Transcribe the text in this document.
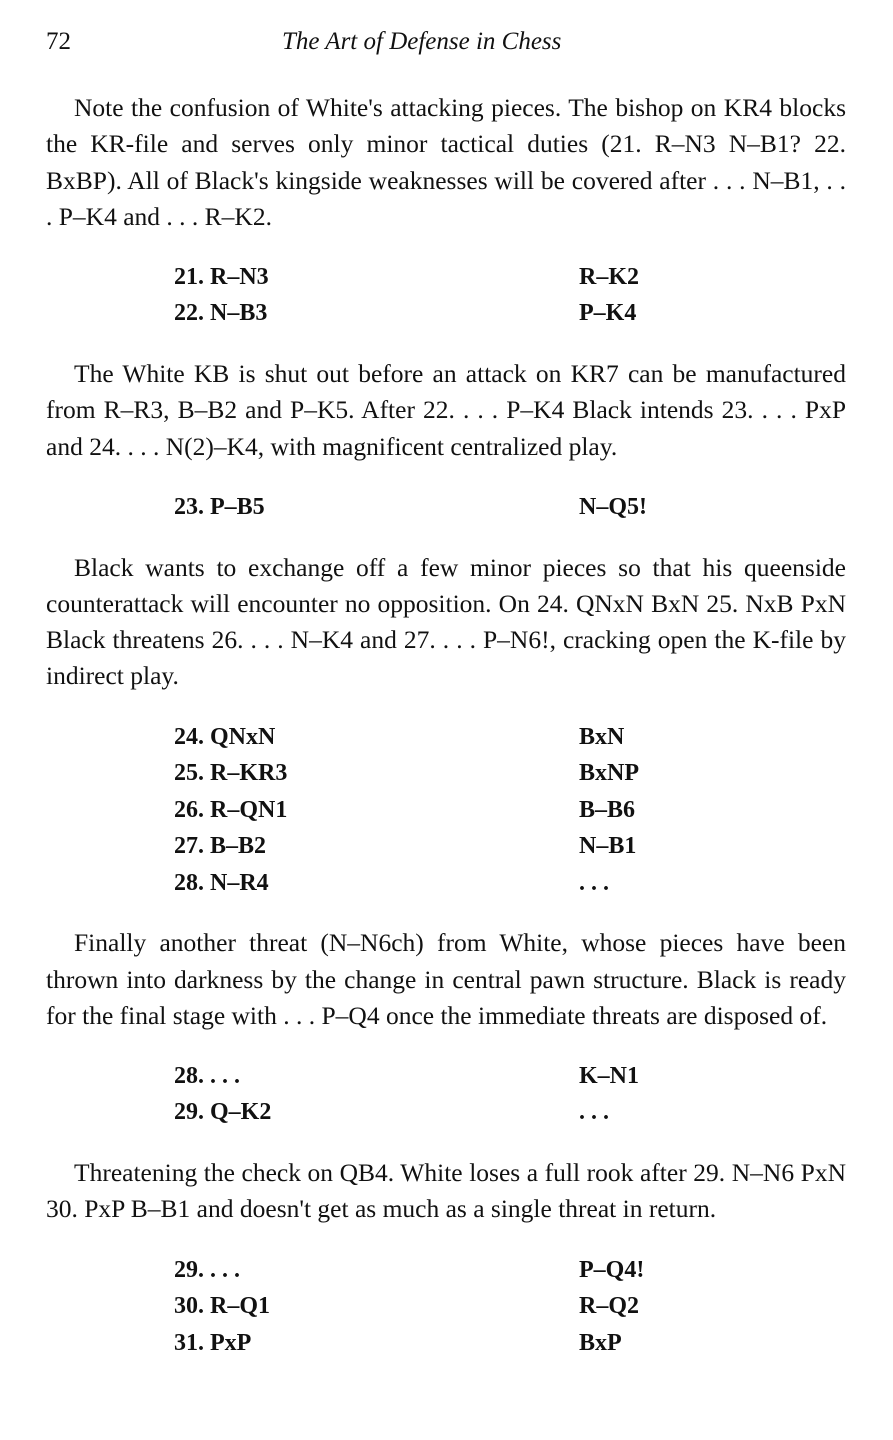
72	The Art of Defense in Chess

Note the confusion of White's attacking pieces. The bishop on KR4 blocks the KR-file and serves only minor tactical duties (21. R–N3 N–B1? 22. BxBP). All of Black's kingside weaknesses will be covered after . . . N–B1, . . . P–K4 and . . . R–K2.

21. R–N3	R–K2
22. N–B3	P–K4

The White KB is shut out before an attack on KR7 can be manufactured from R–R3, B–B2 and P–K5. After 22. . . . P–K4 Black intends 23. . . . PxP and 24. . . . N(2)–K4, with magnificent centralized play.

23. P–B5	N–Q5!

Black wants to exchange off a few minor pieces so that his queenside counterattack will encounter no opposition. On 24. QNxN BxN 25. NxB PxN Black threatens 26. . . . N–K4 and 27. . . . P–N6!, cracking open the K-file by indirect play.

24. QNxN	BxN
25. R–KR3	BxNP
26. R–QN1	B–B6
27. B–B2	N–B1
28. N–R4	. . .

Finally another threat (N–N6ch) from White, whose pieces have been thrown into darkness by the change in central pawn structure. Black is ready for the final stage with . . . P–Q4 once the immediate threats are disposed of.

28. . . .	K–N1
29. Q–K2	. . .

Threatening the check on QB4. White loses a full rook after 29. N–N6 PxN 30. PxP B–B1 and doesn't get as much as a single threat in return.

29. . . .	P–Q4!
30. R–Q1	R–Q2
31. PxP	BxP
